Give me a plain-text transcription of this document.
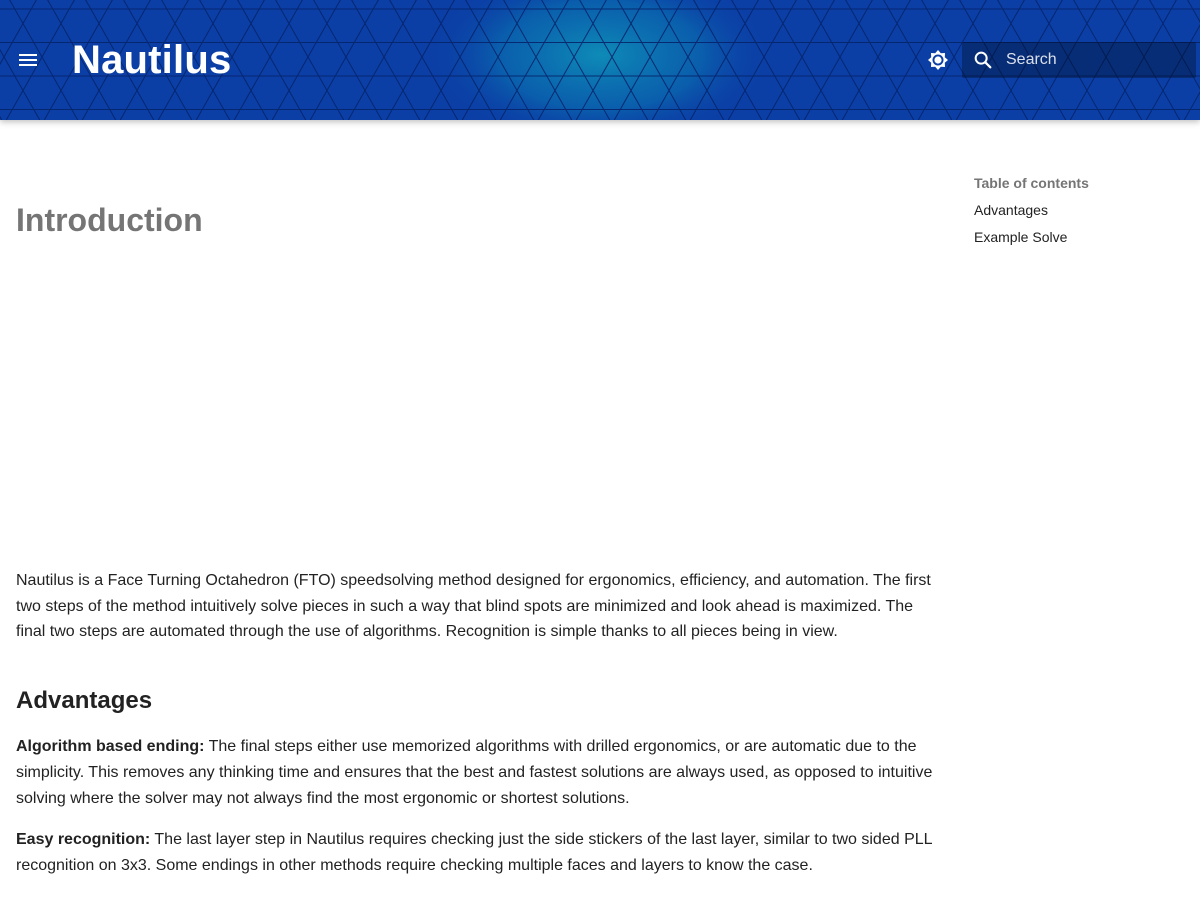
Nautilus
Search
Introduction

Nautilus is a Face Turning Octahedron (FTO) speedsolving method designed for ergonomics, efficiency, and automation. The first two steps of the method intuitively solve pieces in such a way that blind spots are minimized and look ahead is maximized. The final two steps are automated through the use of algorithms. Recognition is simple thanks to all pieces being in view.

Advantages

Algorithm based ending: The final steps either use memorized algorithms with drilled ergonomics, or are automatic due to the simplicity. This removes any thinking time and ensures that the best and fastest solutions are always used, as opposed to intuitive solving where the solver may not always find the most ergonomic or shortest solutions.

Easy recognition: The last layer step in Nautilus requires checking just the side stickers of the last layer, similar to two sided PLL recognition on 3x3. Some endings in other methods require checking multiple faces and layers to know the case.

Table of contents
Advantages
Example Solve
